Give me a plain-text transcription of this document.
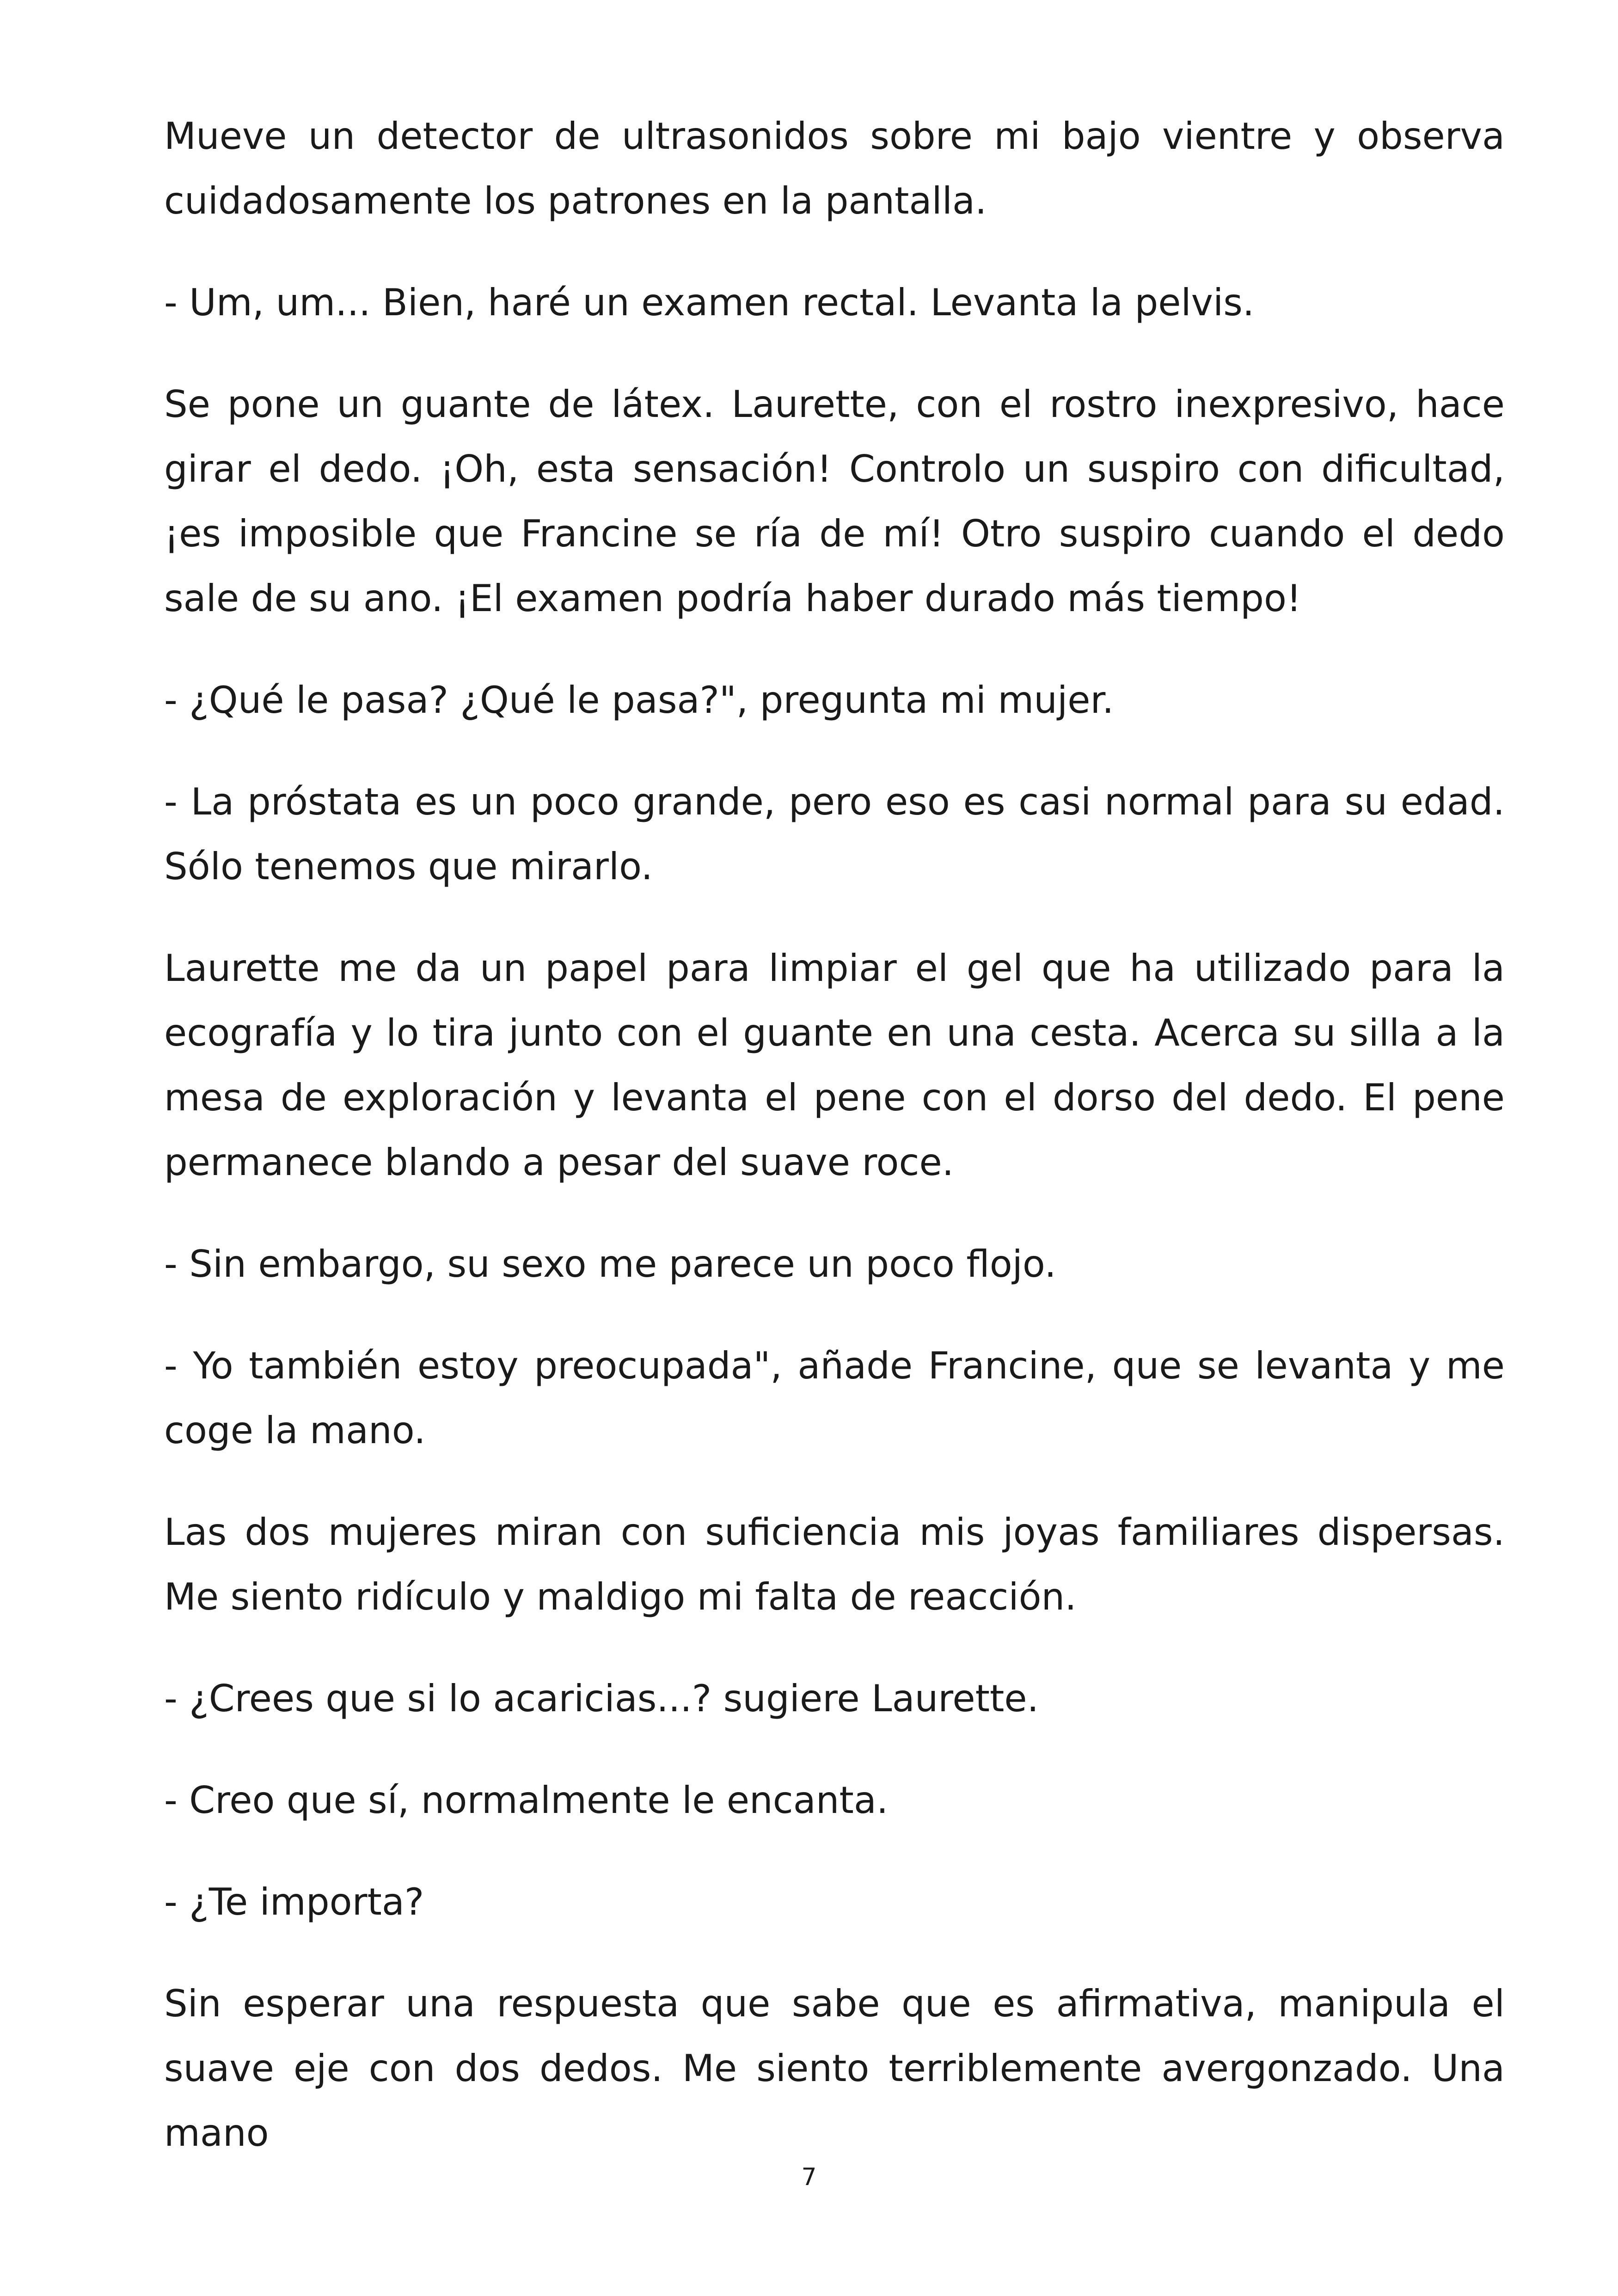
Mueve un detector de ultrasonidos sobre mi bajo vientre y observa cuidadosamente los patrones en la pantalla.

- Um, um... Bien, haré un examen rectal. Levanta la pelvis.

Se pone un guante de látex. Laurette, con el rostro inexpresivo, hace girar el dedo. ¡Oh, esta sensación! Controlo un suspiro con dificultad, ¡es imposible que Francine se ría de mí! Otro suspiro cuando el dedo sale de su ano. ¡El examen podría haber durado más tiempo!

- ¿Qué le pasa? ¿Qué le pasa?", pregunta mi mujer.

- La próstata es un poco grande, pero eso es casi normal para su edad. Sólo tenemos que mirarlo.

Laurette me da un papel para limpiar el gel que ha utilizado para la ecografía y lo tira junto con el guante en una cesta. Acerca su silla a la mesa de exploración y levanta el pene con el dorso del dedo. El pene permanece blando a pesar del suave roce.

- Sin embargo, su sexo me parece un poco flojo.

- Yo también estoy preocupada", añade Francine, que se levanta y me coge la mano.

Las dos mujeres miran con suficiencia mis joyas familiares dispersas. Me siento ridículo y maldigo mi falta de reacción.

- ¿Crees que si lo acaricias...? sugiere Laurette.

- Creo que sí, normalmente le encanta.

- ¿Te importa?

Sin esperar una respuesta que sabe que es afirmativa, manipula el suave eje con dos dedos. Me siento terriblemente avergonzado. Una mano

7
